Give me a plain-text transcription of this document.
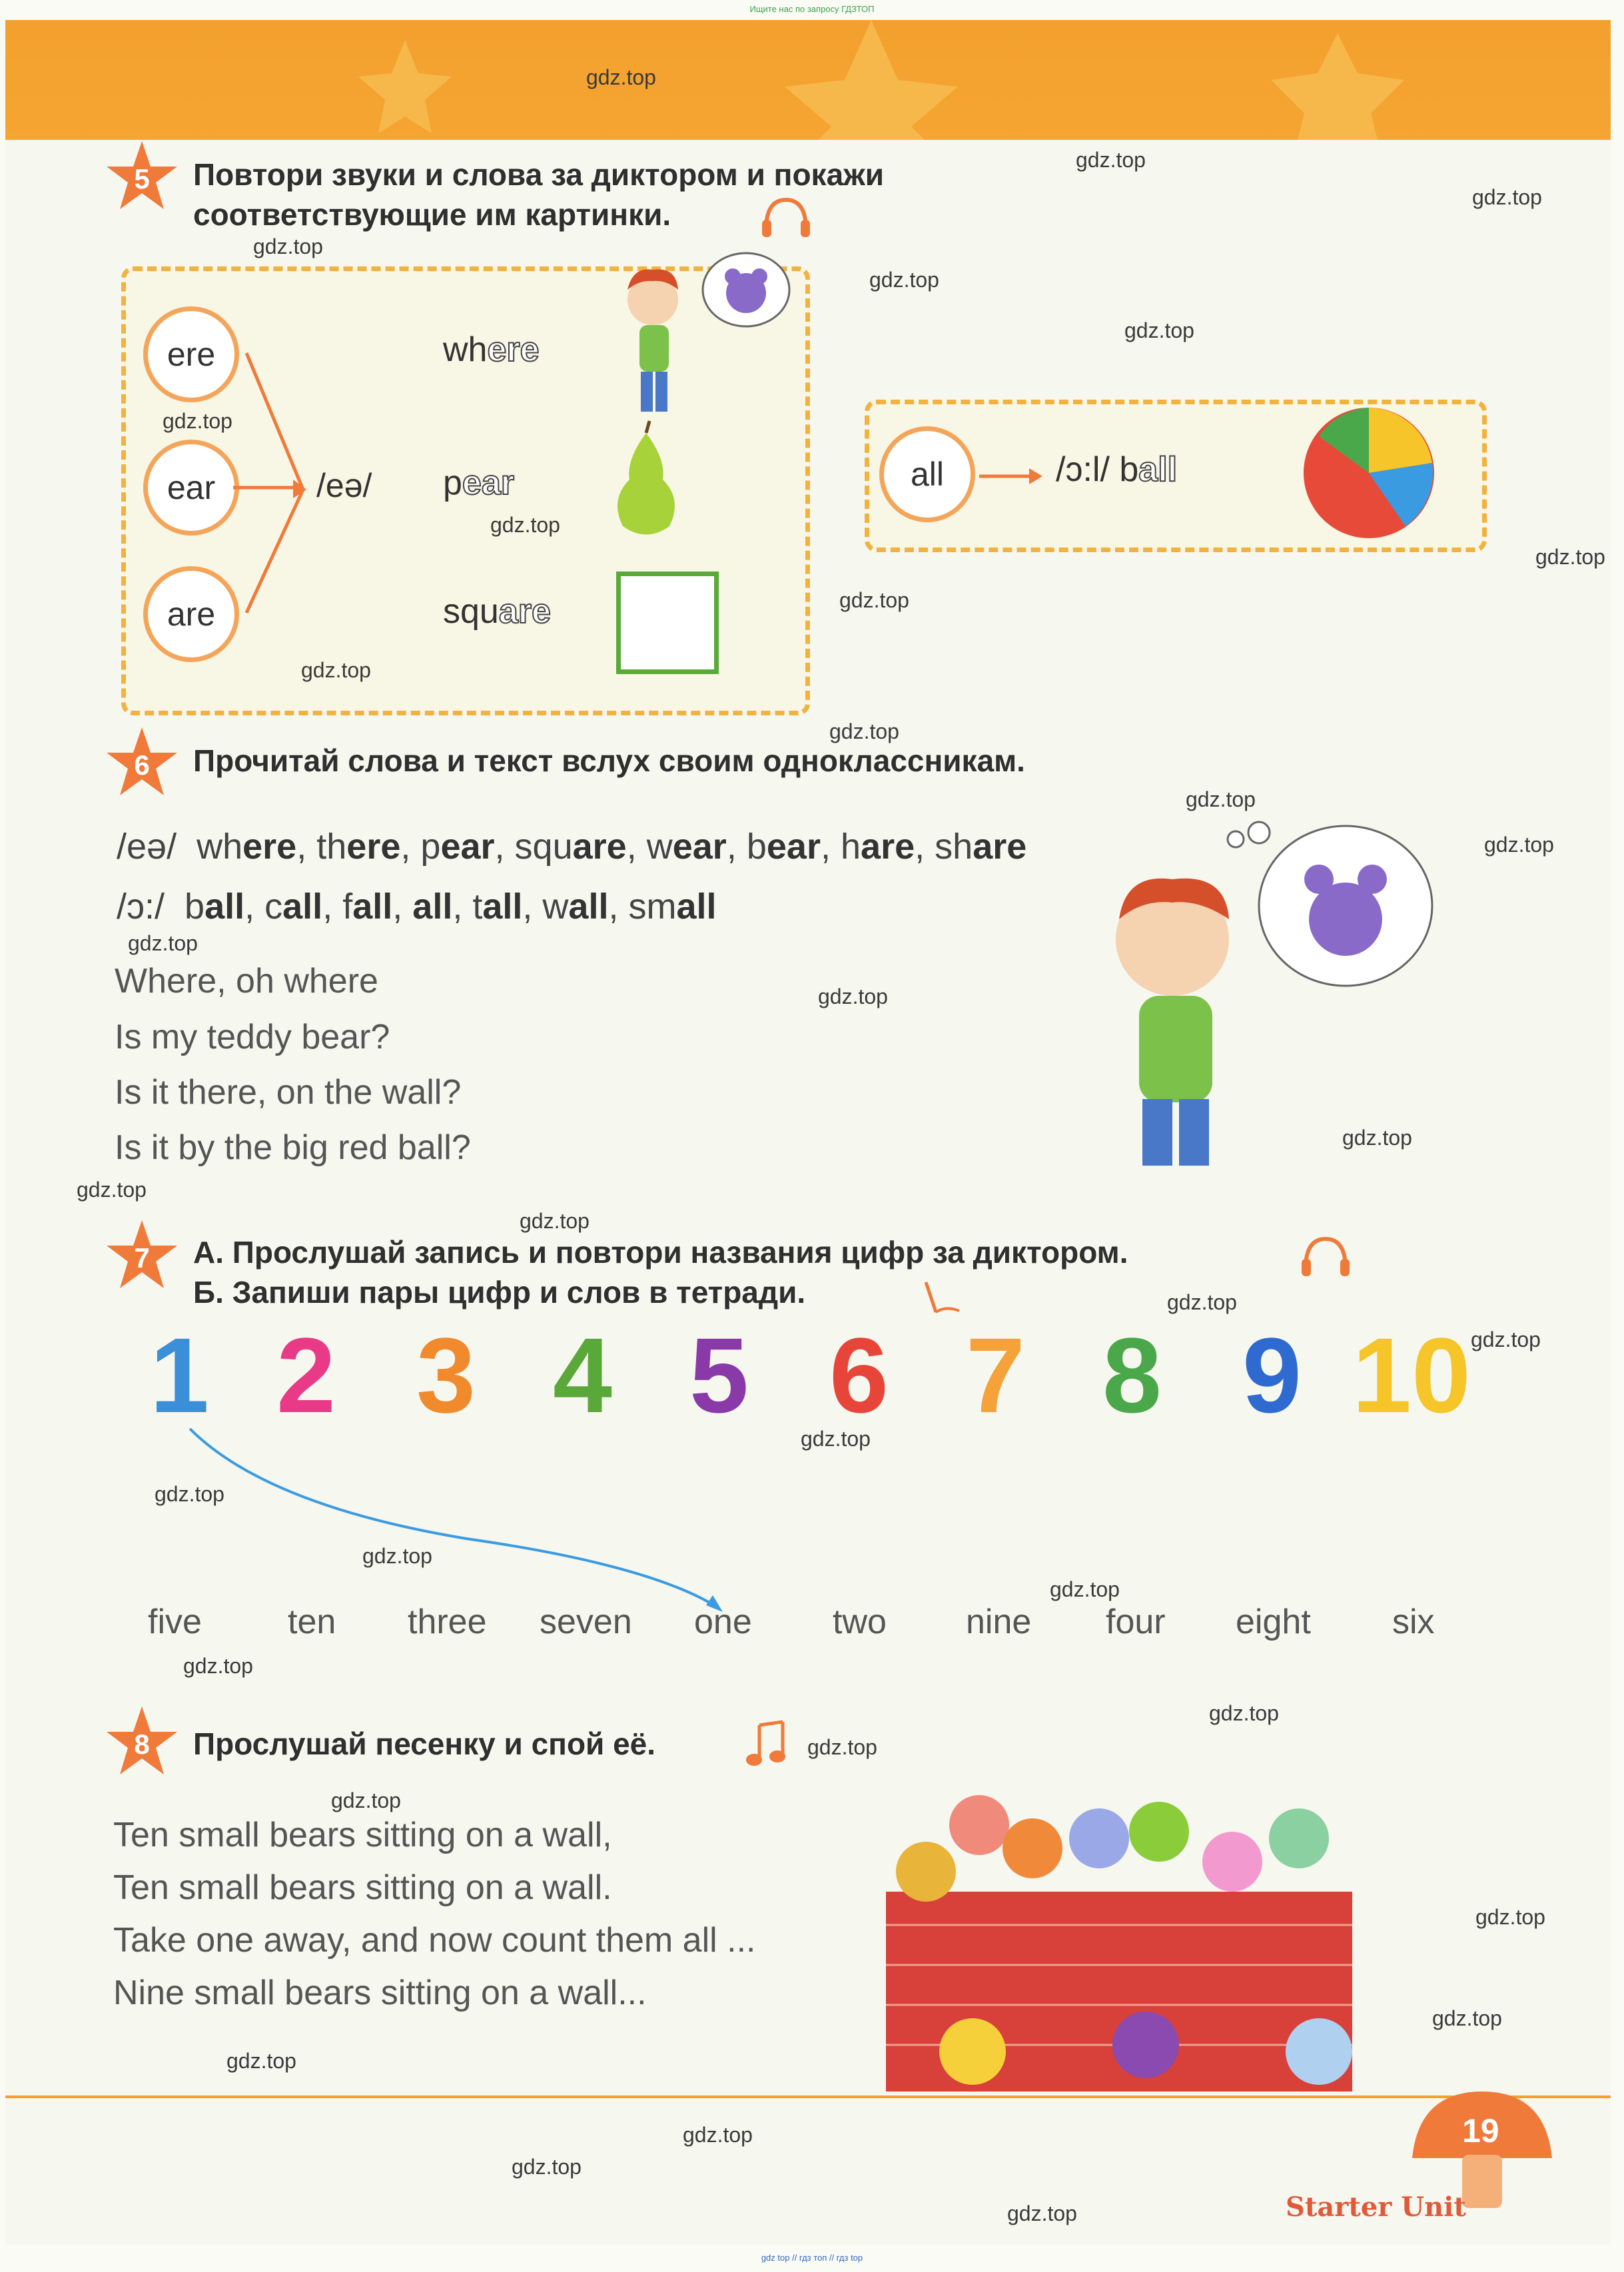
Ищите нас по запросу ГДЗТОП
5	Повтори звуки и слова за диктором и покажи
соответствующие им картинки.
ere
ear
are
/eə/
where
pear
square
all	/ɔ:l/ ball
6	Прочитай слова и текст вслух своим одноклассникам.
/eə/ where, there, pear, square, wear, bear, hare, share
/ɔ:/ ball, call, fall, all, tall, wall, small
Where, oh where
Is my teddy bear?
Is it there, on the wall?
Is it by the big red ball?
7	А. Прослушай запись и повтори названия цифр за диктором.
Б. Запиши пары цифр и слов в тетради.
1 2 3 4 5 6 7 8 9 10
five ten three seven one two nine four eight six
8	Прослушай песенку и спой её.
Ten small bears sitting on a wall,
Ten small bears sitting on a wall.
Take one away, and now count them all ...
Nine small bears sitting on a wall...
19
Starter Unit
gdz.top
gdz.top
gdz.top
gdz.top
gdz.top
gdz.top
gdz.top
gdz.top
gdz.top
gdz.top
gdz.top
gdz.top
gdz.top
gdz.top
gdz.top
gdz.top
gdz.top
gdz.top
gdz.top
gdz.top
gdz.top
gdz.top
gdz.top
gdz.top
gdz.top
gdz.top
gdz.top
gdz.top
gdz.top
gdz.top
gdz.top
gdz.top
gdz.top
gdz.top
gdz.top
gdz top // гдз топ // гдз top
